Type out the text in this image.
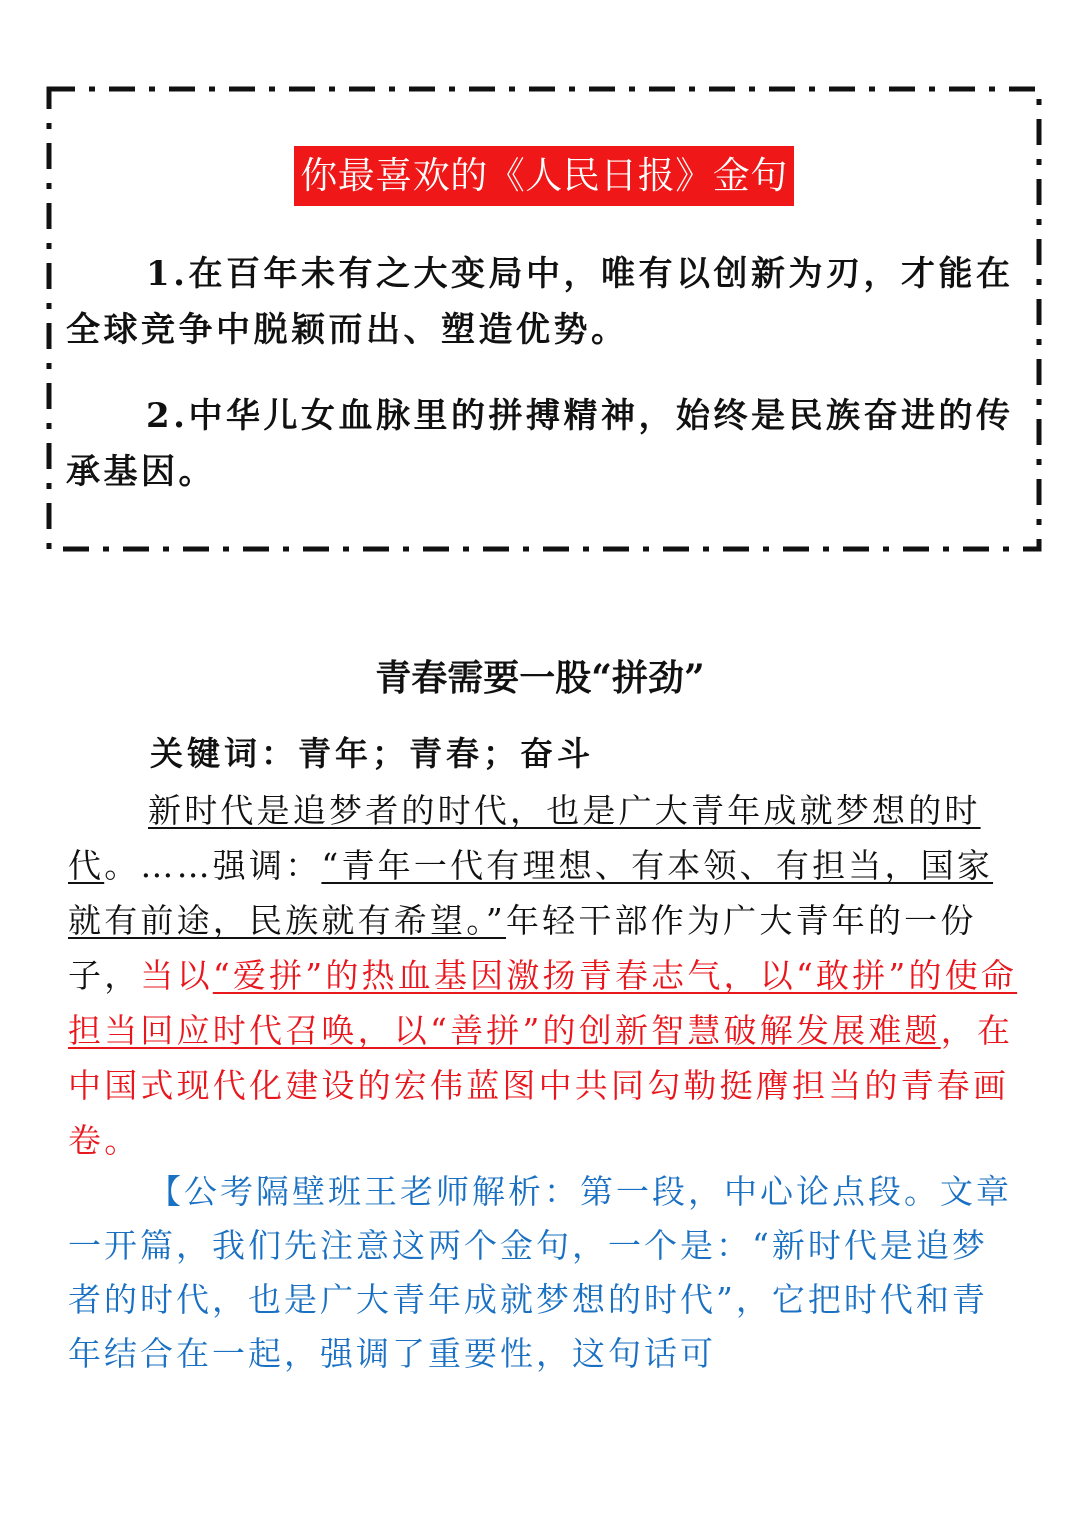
你最喜欢的《人民日报》金句

1.在百年未有之大变局中，唯有以创新为刃，才能在全球竞争中脱颖而出、塑造优势。

2.中华儿女血脉里的拼搏精神，始终是民族奋进的传承基因。

青春需要一股“拼劲”

关键词：青年；青春；奋斗

新时代是追梦者的时代，也是广大青年成就梦想的时代。……强调：“青年一代有理想、有本领、有担当，国家就有前途，民族就有希望。”年轻干部作为广大青年的一份子，当以“爱拼”的热血基因激扬青春志气，以“敢拼”的使命担当回应时代召唤，以“善拼”的创新智慧破解发展难题，在中国式现代化建设的宏伟蓝图中共同勾勒挺膺担当的青春画卷。

【公考隔壁班王老师解析：第一段，中心论点段。文章一开篇，我们先注意这两个金句，一个是：“新时代是追梦者的时代，也是广大青年成就梦想的时代”，它把时代和青年结合在一起，强调了重要性，这句话可
